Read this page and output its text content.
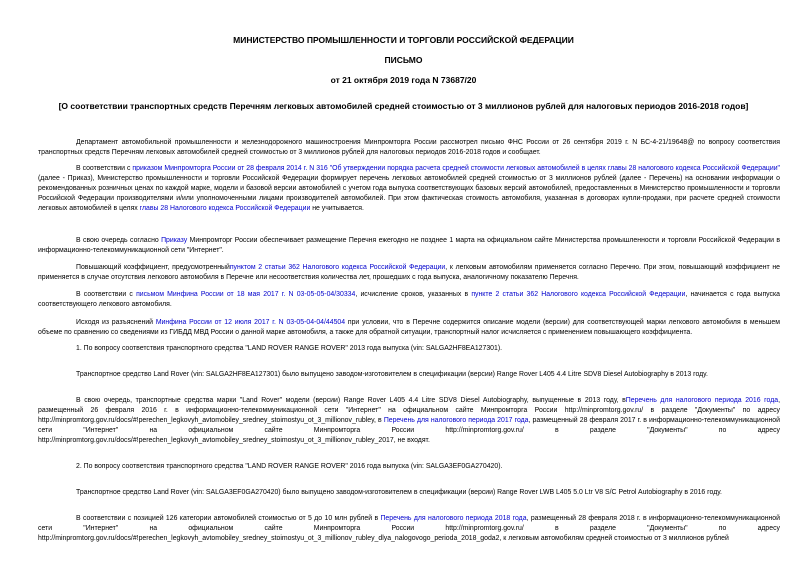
МИНИСТЕРСТВО ПРОМЫШЛЕННОСТИ И ТОРГОВЛИ РОССИЙСКОЙ ФЕДЕРАЦИИ
ПИСЬМО
от 21 октября 2019 года N 73687/20
[О соответствии транспортных средств Перечням легковых автомобилей средней стоимостью от 3 миллионов рублей для налоговых периодов 2016-2018 годов]
Департамент автомобильной промышленности и железнодорожного машиностроения Минпромторга России рассмотрел письмо ФНС России от 26 сентября 2019 г. N БС-4-21/19648@ по вопросу соответствия транспортных средств Перечням легковых автомобилей средней стоимостью от 3 миллионов рублей для налоговых периодов 2016-2018 годов и сообщает.
В соответствии с приказом Минпромторга России от 28 февраля 2014 г. N 316 "Об утверждении порядка расчета средней стоимости легковых автомобилей в целях главы 28 налогового кодекса Российской Федерации" (далее - Приказ), Министерство промышленности и торговли Российской Федерации формирует перечень легковых автомобилей средней стоимостью от 3 миллионов рублей (далее - Перечень) на основании информации о рекомендованных розничных ценах по каждой марке, модели и базовой версии автомобилей с учетом года выпуска соответствующих базовых версий автомобилей, предоставленных в Министерство промышленности и торговли Российской Федерации производителями и/или уполномоченными лицами производителей автомобилей. При этом фактическая стоимость автомобиля, указанная в договорах купли-продажи, при расчете средней стоимости легковых автомобилей в целях главы 28 Налогового кодекса Российской Федерации не учитывается.
В свою очередь согласно Приказу Минпромторг России обеспечивает размещение Перечня ежегодно не позднее 1 марта на официальном сайте Министерства промышленности и торговли Российской Федерации в информационно-телекоммуникационной сети "Интернет".
Повышающий коэффициент, предусмотренныйпунктом 2 статьи 362 Налогового кодекса Российской Федерации, к легковым автомобилям применяется согласно Перечню. При этом, повышающий коэффициент не применяется в случае отсутствия легкового автомобиля в Перечне или несоответствия количества лет, прошедших с года выпуска, аналогичному показателю Перечня.
В соответствии с письмом Минфина России от 18 мая 2017 г. N 03-05-05-04/30334, исчисление сроков, указанных в пункте 2 статьи 362 Налогового кодекса Российской Федерации, начинается с года выпуска соответствующего легкового автомобиля.
Исходя из разъяснений Минфина России от 12 июля 2017 г. N 03-05-04-04/44504 при условии, что в Перечне содержится описание модели (версии) для соответствующей марки легкового автомобиля в меньшем объеме по сравнению со сведениями из ГИБДД МВД России о данной марке автомобиля, а также для обратной ситуации, транспортный налог исчисляется с применением повышающего коэффициента.
1. По вопросу соответствия транспортного средства "LAND ROVER RANGE ROVER" 2013 года выпуска (vin: SALGA2HF8EA127301).
Транспортное средство Land Rover (vin: SALGA2HF8EA127301) было выпущено заводом-изготовителем в спецификации (версии) Range Rover L405 4.4 Litre SDV8 Diesel Autobiography в 2013 году.
В свою очередь, транспортные средства марки "Land Rover" модели (версии) Range Rover L405 4.4 Litre SDV8 Diesel Autobiography, выпущенные в 2013 году, вПеречень для налогового периода 2016 года, размещенный 26 февраля 2016 г. в информационно-телекоммуникационной сети "Интернет" на официальном сайте Минпромторга России http://minpromtorg.gov.ru/ в разделе "Документы" по адресу http://minpromtorg.gov.ru/docs/#!perechen_legkovyh_avtomobiley_sredney_stoimostyu_ot_3_millionov_rubley, в Перечень для налогового периода 2017 года, размещенный 28 февраля 2017 г. в информационно-телекоммуникационной сети "Интернет" на официальном сайте Минпромторга России http://minpromtorg.gov.ru/ в разделе "Документы" по адресу http://minpromtorg.gov.ru/docs/#!perechen_legkovyh_avtomobiley_sredney_stoimostyu_ot_3_millionov_rubley_2017, не входят.
2. По вопросу соответствия транспортного средства "LAND ROVER RANGE ROVER" 2016 года выпуска (vin: SALGA3EF0GA270420).
Транспортное средство Land Rover (vin: SALGA3EF0GA270420) было выпущено заводом-изготовителем в спецификации (версии) Range Rover LWB L405 5.0 Ltr V8 S/C Petrol Autobiography в 2016 году.
В соответствии с позицией 126 категории автомобилей стоимостью от 5 до 10 млн рублей в Перечень для налогового периода 2018 года, размещенный 28 февраля 2018 г. в информационно-телекоммуникационной сети "Интернет" на официальном сайте Минпромторга России http://minpromtorg.gov.ru/ в разделе "Документы" по адресу http://minpromtorg.gov.ru/docs/#!perechen_legkovyh_avtomobiley_sredney_stoimostyu_ot_3_millionov_rubley_dlya_nalogovogo_perioda_2018_goda2, к легковым автомобилям средней стоимостью от 3 миллионов рублей
